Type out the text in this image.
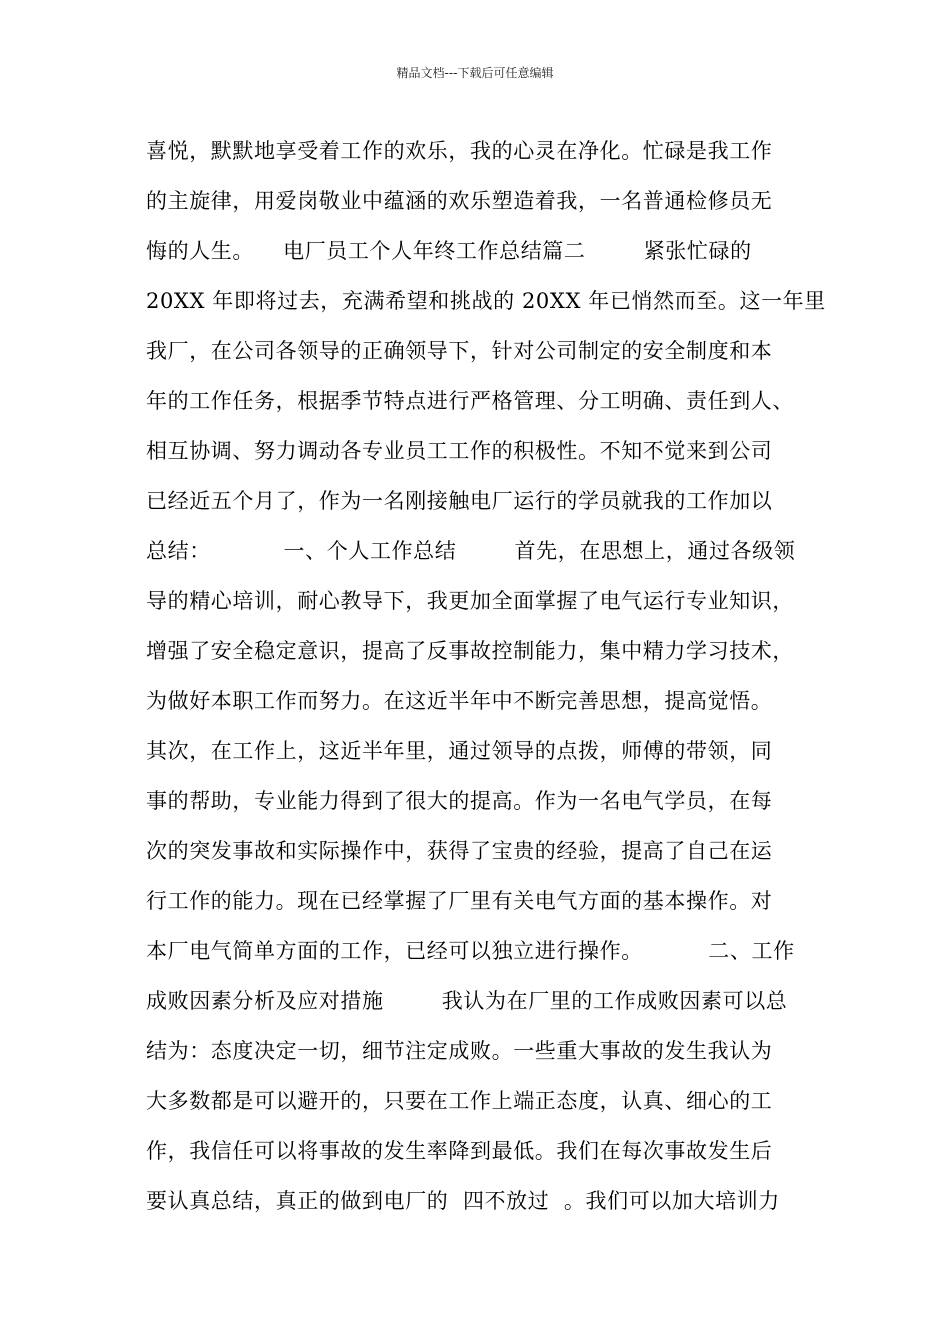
精品文档---下载后可任意编辑
喜悦，默默地享受着工作的欢乐，我的心灵在净化。忙碌是我工作
的主旋律，用爱岗敬业中蕴涵的欢乐塑造着我，一名普通检修员无
悔的人生。    电厂员工个人年终工作总结篇二        紧张忙碌的
20XX 年即将过去，充满希望和挑战的 20XX 年已悄然而至。这一年里
我厂，在公司各领导的正确领导下，针对公司制定的安全制度和本
年的工作任务，根据季节特点进行严格管理、分工明确、责任到人、
相互协调、努力调动各专业员工工作的积极性。不知不觉来到公司
已经近五个月了，作为一名刚接触电厂运行的学员就我的工作加以
总结：          一、个人工作总结        首先，在思想上，通过各级领
导的精心培训，耐心教导下，我更加全面掌握了电气运行专业知识，
增强了安全稳定意识，提高了反事故控制能力，集中精力学习技术，
为做好本职工作而努力。在这近半年中不断完善思想，提高觉悟。
其次，在工作上，这近半年里，通过领导的点拨，师傅的带领，同
事的帮助，专业能力得到了很大的提高。作为一名电气学员，在每
次的突发事故和实际操作中，获得了宝贵的经验，提高了自己在运
行工作的能力。现在已经掌握了厂里有关电气方面的基本操作。对
本厂电气简单方面的工作，已经可以独立进行操作。         二、工作
成败因素分析及应对措施        我认为在厂里的工作成败因素可以总
结为：态度决定一切，细节注定成败。一些重大事故的发生我认为
大多数都是可以避开的，只要在工作上端正态度，认真、细心的工
作，我信任可以将事故的发生率降到最低。我们在每次事故发生后
要认真总结，真正的做到电厂的  四不放过  。我们可以加大培训力
